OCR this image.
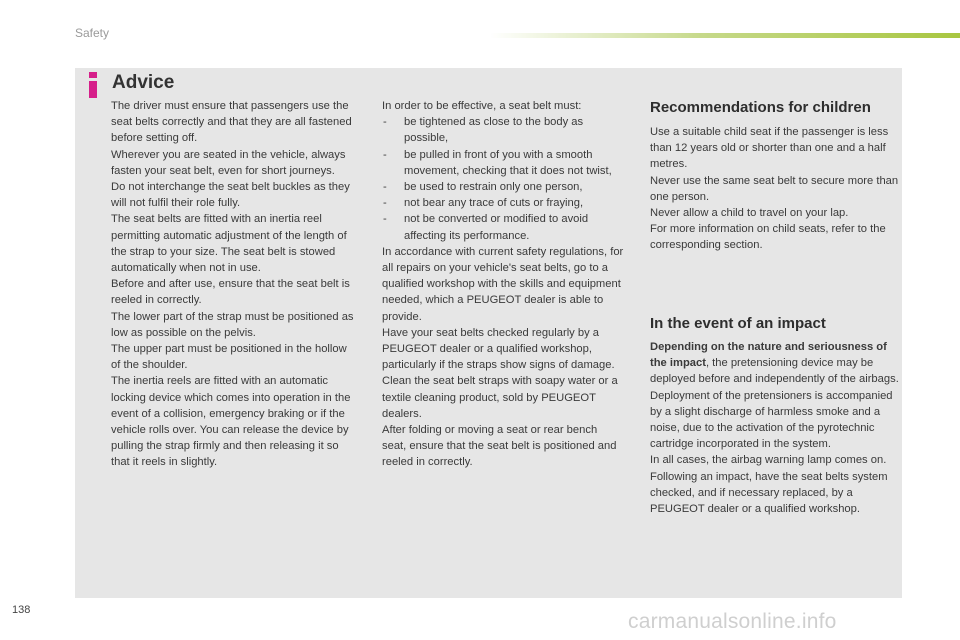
Safety
Advice

The driver must ensure that passengers use the seat belts correctly and that they are all fastened before setting off.

Wherever you are seated in the vehicle, always fasten your seat belt, even for short journeys.

Do not interchange the seat belt buckles as they will not fulfil their role fully.

The seat belts are fitted with an inertia reel permitting automatic adjustment of the length of the strap to your size. The seat belt is stowed automatically when not in use.

Before and after use, ensure that the seat belt is reeled in correctly.

The lower part of the strap must be positioned as low as possible on the pelvis.

The upper part must be positioned in the hollow of the shoulder.

The inertia reels are fitted with an automatic locking device which comes into operation in the event of a collision, emergency braking or if the vehicle rolls over. You can release the device by pulling the strap firmly and then releasing it so that it reels in slightly.

In order to be effective, a seat belt must:

- be tightened as close to the body as possible,
- be pulled in front of you with a smooth movement, checking that it does not twist,
- be used to restrain only one person,
- not bear any trace of cuts or fraying,
- not be converted or modified to avoid affecting its performance.

In accordance with current safety regulations, for all repairs on your vehicle's seat belts, go to a qualified workshop with the skills and equipment needed, which a PEUGEOT dealer is able to provide.

Have your seat belts checked regularly by a PEUGEOT dealer or a qualified workshop, particularly if the straps show signs of damage.

Clean the seat belt straps with soapy water or a textile cleaning product, sold by PEUGEOT dealers.

After folding or moving a seat or rear bench seat, ensure that the seat belt is positioned and reeled in correctly.

Recommendations for children

Use a suitable child seat if the passenger is less than 12 years old or shorter than one and a half metres.

Never use the same seat belt to secure more than one person.

Never allow a child to travel on your lap.

For more information on child seats, refer to the corresponding section.

In the event of an impact

Depending on the nature and seriousness of the impact, the pretensioning device may be deployed before and independently of the airbags.

Deployment of the pretensioners is accompanied by a slight discharge of harmless smoke and a noise, due to the activation of the pyrotechnic cartridge incorporated in the system.

In all cases, the airbag warning lamp comes on.

Following an impact, have the seat belts system checked, and if necessary replaced, by a PEUGEOT dealer or a qualified workshop.

138	carmanualsonline.info
